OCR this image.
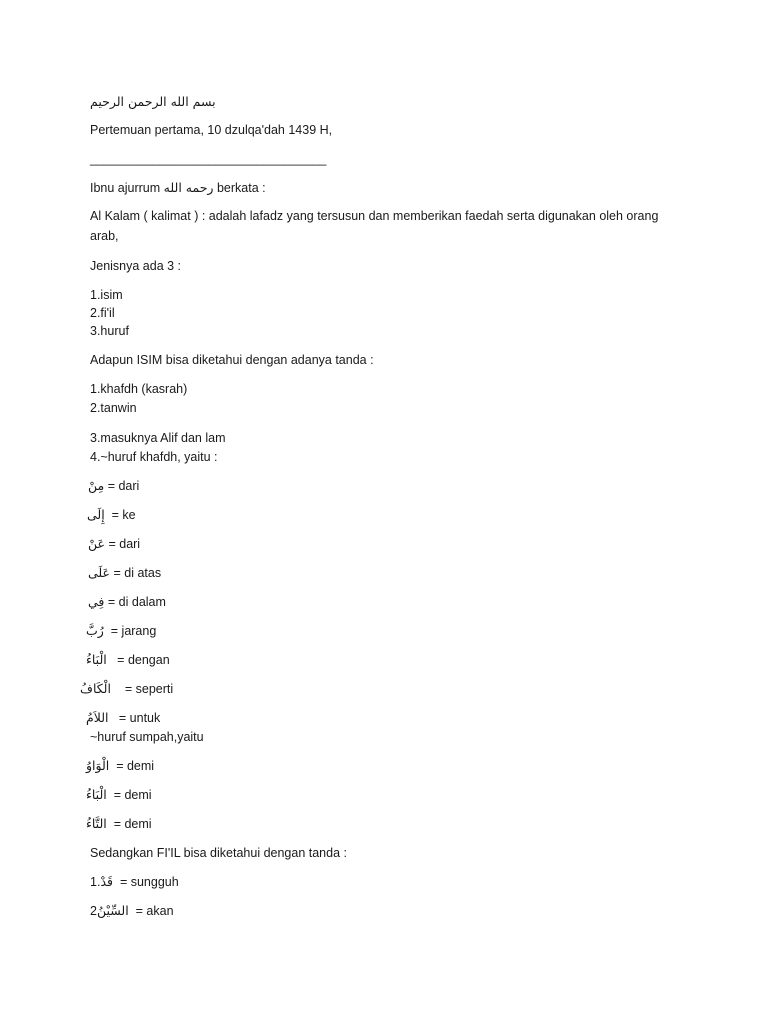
بسم الله الرحمن الرحيم
Pertemuan pertama, 10 dzulqa'dah 1439 H,
__________________________________
Ibnu ajurrum رحمه الله berkata :
Al Kalam ( kalimat ) : adalah lafadz yang tersusun dan memberikan faedah serta digunakan oleh orang arab,
Jenisnya ada 3 :
1.isim
2.fi'il
3.huruf
Adapun ISIM bisa diketahui dengan adanya tanda :
1.khafdh (kasrah)
2.tanwin
3.masuknya Alif dan lam
4.~huruf khafdh, yaitu :
مِنْ = dari
إِلَى = ke
عَنْ = dari
عَلَى = di atas
فِي = di dalam
رُبَّ = jarang
الْبَاءُ = dengan
الْكَافُ = seperti
اللاَمُ = untuk
~huruf sumpah,yaitu
الْوَاوُ = demi
الْبَاءُ = demi
التَّاءُ = demi
Sedangkan FI'IL bisa diketahui dengan tanda :
1.قَدْ = sungguh
2السِّيْنُ = akan
